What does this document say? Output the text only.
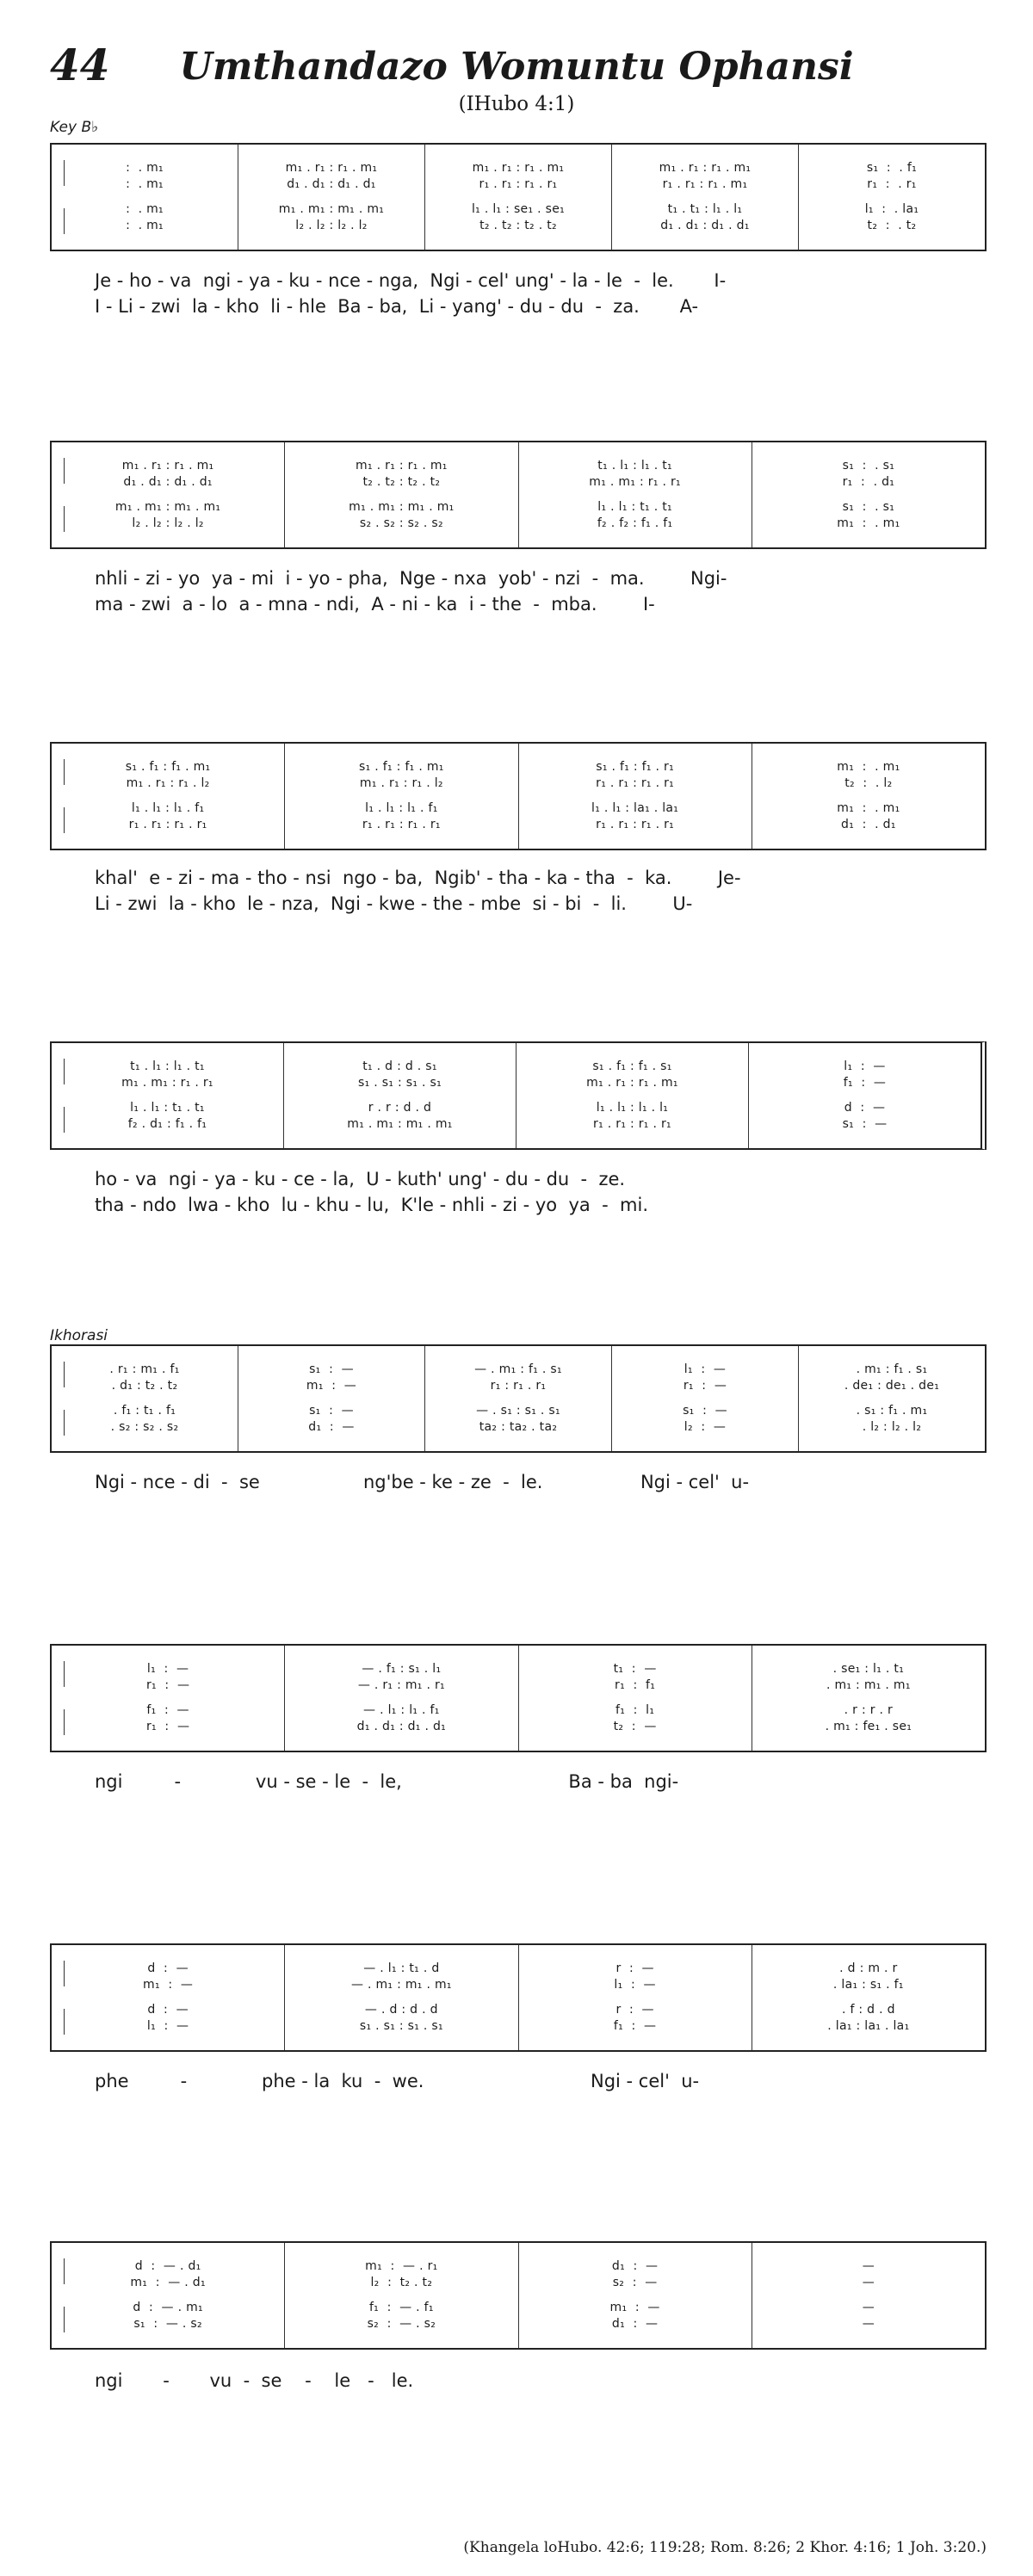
44	Umthandazo Womuntu Ophansi
(IHubo 4:1)
Key B♭
Ikhorasi
:  . m₁
:  . m₁
:  . m₁
:  . m₁
m₁ . r₁ : r₁ . m₁
d₁ . d₁ : d₁ . d₁
m₁ . m₁ : m₁ . m₁
l₂ . l₂ : l₂ . l₂
m₁ . r₁ : r₁ . m₁
r₁ . r₁ : r₁ . r₁
l₁ . l₁ : se₁ . se₁
t₂ . t₂ : t₂ . t₂
m₁ . r₁ : r₁ . m₁
r₁ . r₁ : r₁ . m₁
t₁ . t₁ : l₁ . l₁
d₁ . d₁ : d₁ . d₁
s₁  :  . f₁
r₁  :  . r₁
l₁  :  . la₁
t₂  :  . t₂
Je - ho - va  ngi - ya - ku - nce - nga,  Ngi - cel' ung' - la - le  -  le.       I-
I - Li - zwi  la - kho  li - hle  Ba - ba,  Li - yang' - du - du  -  za.       A-
m₁ . r₁ : r₁ . m₁
d₁ . d₁ : d₁ . d₁
m₁ . m₁ : m₁ . m₁
l₂ . l₂ : l₂ . l₂
m₁ . r₁ : r₁ . m₁
t₂ . t₂ : t₂ . t₂
m₁ . m₁ : m₁ . m₁
s₂ . s₂ : s₂ . s₂
t₁ . l₁ : l₁ . t₁
m₁ . m₁ : r₁ . r₁
l₁ . l₁ : t₁ . t₁
f₂ . f₂ : f₁ . f₁
s₁  :  . s₁
r₁  :  . d₁
s₁  :  . s₁
m₁  :  . m₁
nhli - zi - yo  ya - mi  i - yo - pha,  Nge - nxa  yob' - nzi  -  ma.        Ngi-
ma - zwi  a - lo  a - mna - ndi,  A - ni - ka  i - the  -  mba.        I-
s₁ . f₁ : f₁ . m₁
m₁ . r₁ : r₁ . l₂
l₁ . l₁ : l₁ . f₁
r₁ . r₁ : r₁ . r₁
s₁ . f₁ : f₁ . m₁
m₁ . r₁ : r₁ . l₂
l₁ . l₁ : l₁ . f₁
r₁ . r₁ : r₁ . r₁
s₁ . f₁ : f₁ . r₁
r₁ . r₁ : r₁ . r₁
l₁ . l₁ : la₁ . la₁
r₁ . r₁ : r₁ . r₁
m₁  :  . m₁
t₂  :  . l₂
m₁  :  . m₁
d₁  :  . d₁
khal'  e - zi - ma - tho - nsi  ngo - ba,  Ngib' - tha - ka - tha  -  ka.        Je-
Li - zwi  la - kho  le - nza,  Ngi - kwe - the - mbe  si - bi  -  li.        U-
t₁ . l₁ : l₁ . t₁
m₁ . m₁ : r₁ . r₁
l₁ . l₁ : t₁ . t₁
f₂ . d₁ : f₁ . f₁
t₁ . d : d . s₁
s₁ . s₁ : s₁ . s₁
r . r : d . d
m₁ . m₁ : m₁ . m₁
s₁ . f₁ : f₁ . s₁
m₁ . r₁ : r₁ . m₁
l₁ . l₁ : l₁ . l₁
r₁ . r₁ : r₁ . r₁
l₁  :  —
f₁  :  —
d  :  —
s₁  :  —
ho - va  ngi - ya - ku - ce - la,  U - kuth' ung' - du - du  -  ze.
tha - ndo  lwa - kho  lu - khu - lu,  K'le - nhli - zi - yo  ya  -  mi.
. r₁ : m₁ . f₁
. d₁ : t₂ . t₂
. f₁ : t₁ . f₁
. s₂ : s₂ . s₂
s₁  :  —
m₁  :  —
s₁  :  —
d₁  :  —
— . m₁ : f₁ . s₁
r₁ : r₁ . r₁
— . s₁ : s₁ . s₁
ta₂ : ta₂ . ta₂
l₁  :  —
r₁  :  —
s₁  :  —
l₂  :  —
. m₁ : f₁ . s₁
. de₁ : de₁ . de₁
. s₁ : f₁ . m₁
. l₂ : l₂ . l₂
Ngi - nce - di  -  se                  ng'be - ke - ze  -  le.                 Ngi - cel'  u-
l₁  :  —
r₁  :  —
f₁  :  —
r₁  :  —
— . f₁ : s₁ . l₁
— . r₁ : m₁ . r₁
— . l₁ : l₁ . f₁
d₁ . d₁ : d₁ . d₁
t₁  :  —
r₁  :  f₁
f₁  :  l₁
t₂  :  —
. se₁ : l₁ . t₁
. m₁ : m₁ . m₁
. r : r . r
. m₁ : fe₁ . se₁
ngi         -             vu - se - le  -  le,                             Ba - ba  ngi-
d  :  —
m₁  :  —
d  :  —
l₁  :  —
— . l₁ : t₁ . d
— . m₁ : m₁ . m₁
— . d : d . d
s₁ . s₁ : s₁ . s₁
r  :  —
l₁  :  —
r  :  —
f₁  :  —
. d : m . r
. la₁ : s₁ . f₁
. f : d . d
. la₁ : la₁ . la₁
phe         -             phe - la  ku  -  we.                             Ngi - cel'  u-
d  :  — . d₁
m₁  :  — . d₁
d  :  — . m₁
s₁  :  — . s₂
m₁  :  — . r₁
l₂  :  t₂ . t₂
f₁  :  — . f₁
s₂  :  — . s₂
d₁  :  —
s₂  :  —
m₁  :  —
d₁  :  —
—
—
—
—
ngi       -       vu  -  se    -    le   -   le.
(Khangela loHubo. 42:6; 119:28; Rom. 8:26; 2 Khor. 4:16; 1 Joh. 3:20.)
